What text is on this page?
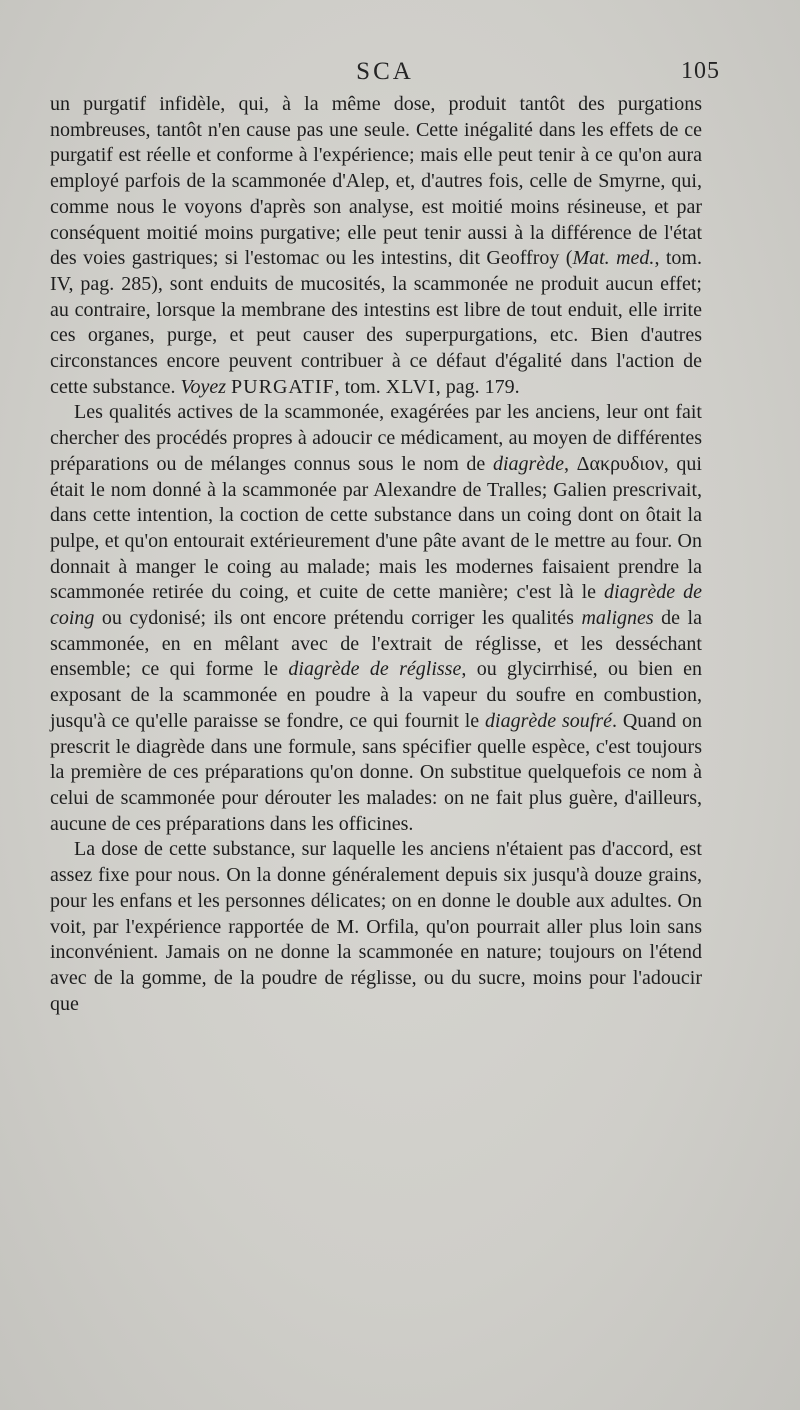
SCA	105

un purgatif infidèle, qui, à la même dose, produit tantôt des purgations nombreuses, tantôt n'en cause pas une seule. Cette inégalité dans les effets de ce purgatif est réelle et conforme à l'expérience; mais elle peut tenir à ce qu'on aura employé parfois de la scammonée d'Alep, et, d'autres fois, celle de Smyrne, qui, comme nous le voyons d'après son analyse, est moitié moins résineuse, et par conséquent moitié moins purgative; elle peut tenir aussi à la différence de l'état des voies gastriques; si l'estomac ou les intestins, dit Geoffroy (Mat. med., tom. IV, pag. 285), sont enduits de mucosités, la scammonée ne produit aucun effet; au contraire, lorsque la membrane des intestins est libre de tout enduit, elle irrite ces organes, purge, et peut causer des superpurgations, etc. Bien d'autres circonstances encore peuvent contribuer à ce défaut d'égalité dans l'action de cette substance. Voyez PURGATIF, tom. XLVI, pag. 179.

Les qualités actives de la scammonée, exagérées par les anciens, leur ont fait chercher des procédés propres à adoucir ce médicament, au moyen de différentes préparations ou de mélanges connus sous le nom de diagrède, Δακρυδιον, qui était le nom donné à la scammonée par Alexandre de Tralles; Galien prescrivait, dans cette intention, la coction de cette substance dans un coing dont on ôtait la pulpe, et qu'on entourait extérieurement d'une pâte avant de le mettre au four. On donnait à manger le coing au malade; mais les modernes faisaient prendre la scammonée retirée du coing, et cuite de cette manière; c'est là le diagrède de coing ou cydonisé; ils ont encore prétendu corriger les qualités malignes de la scammonée, en en mêlant avec de l'extrait de réglisse, et les desséchant ensemble; ce qui forme le diagrède de réglisse, ou glycirrhisé, ou bien en exposant de la scammonée en poudre à la vapeur du soufre en combustion, jusqu'à ce qu'elle paraisse se fondre, ce qui fournit le diagrède soufré. Quand on prescrit le diagrède dans une formule, sans spécifier quelle espèce, c'est toujours la première de ces préparations qu'on donne. On substitue quelquefois ce nom à celui de scammonée pour dérouter les malades: on ne fait plus guère, d'ailleurs, aucune de ces préparations dans les officines.

La dose de cette substance, sur laquelle les anciens n'étaient pas d'accord, est assez fixe pour nous. On la donne généralement depuis six jusqu'à douze grains, pour les enfans et les personnes délicates; on en donne le double aux adultes. On voit, par l'expérience rapportée de M. Orfila, qu'on pourrait aller plus loin sans inconvénient. Jamais on ne donne la scammonée en nature; toujours on l'étend avec de la gomme, de la poudre de réglisse, ou du sucre, moins pour l'adoucir que
